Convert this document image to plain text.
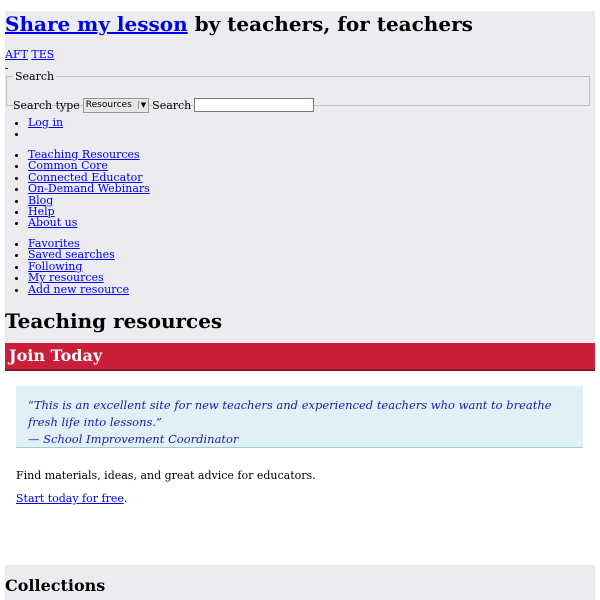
Share my lesson by teachers, for teachers
AFT TES
Search
Search type Resources	▼ Search
• Log in
•
• Teaching Resources
• Common Core
• Connected Educator
• On-Demand Webinars
• Blog
• Help
• About us
• Favorites
• Saved searches
• Following
• My resources
• Add new resource
Teaching resources
Join Today
“This is an excellent site for new teachers and experienced teachers who want to breathe fresh life into lessons.”
— School Improvement Coordinator
Find materials, ideas, and great advice for educators.
Start today for free.
Collections
